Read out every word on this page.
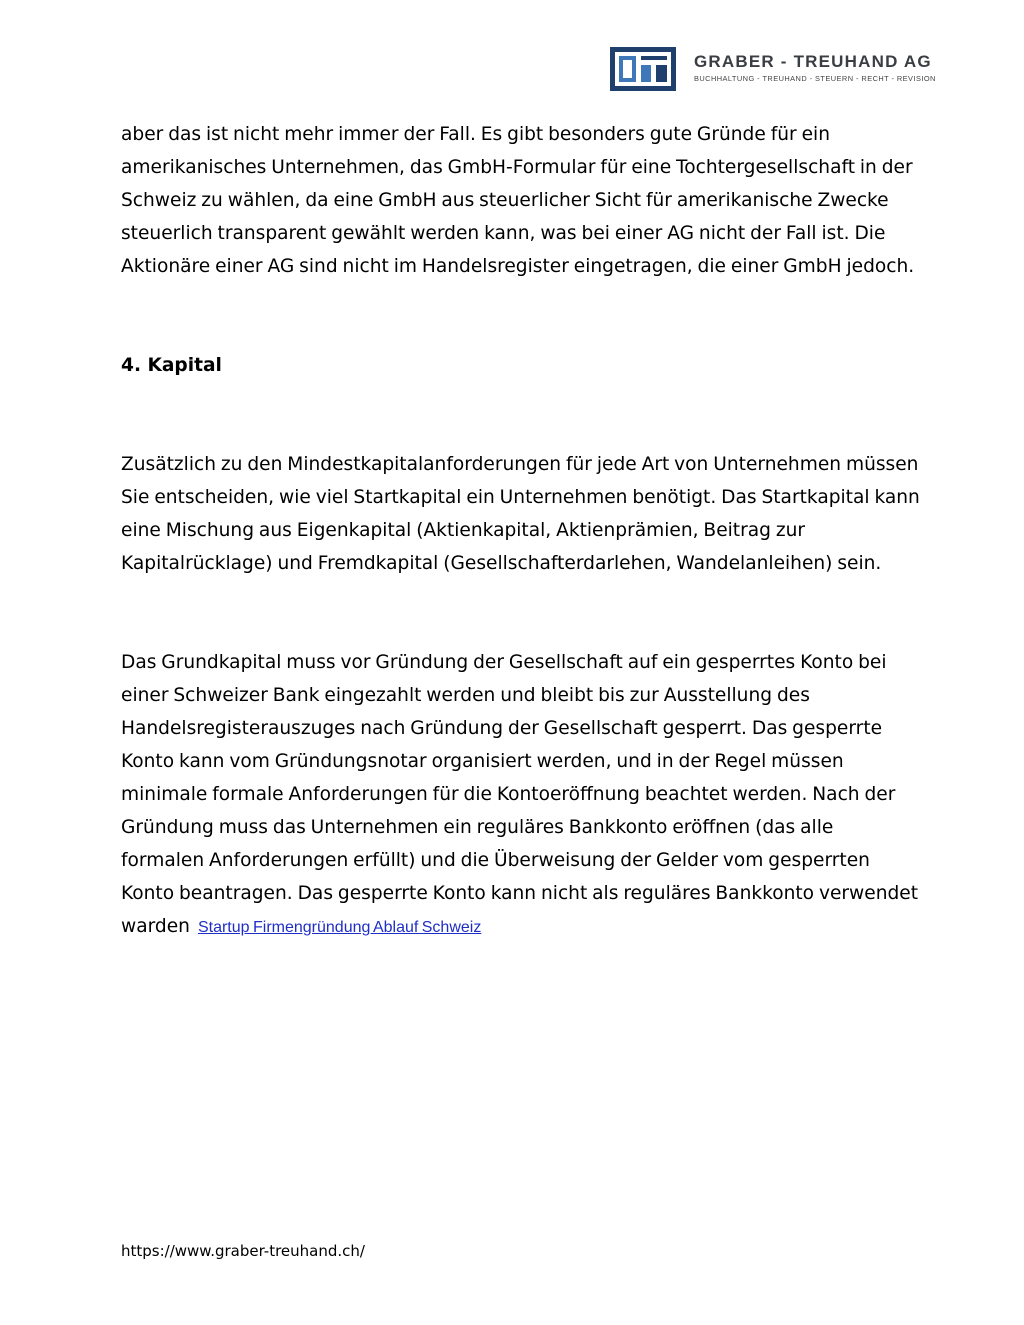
GRABER - TREUHAND AG
BUCHHALTUNG - TREUHAND - STEUERN - RECHT - REVISION

aber das ist nicht mehr immer der Fall. Es gibt besonders gute Gründe für ein amerikanisches Unternehmen, das GmbH-Formular für eine Tochtergesellschaft in der Schweiz zu wählen, da eine GmbH aus steuerlicher Sicht für amerikanische Zwecke steuerlich transparent gewählt werden kann, was bei einer AG nicht der Fall ist. Die Aktionäre einer AG sind nicht im Handelsregister eingetragen, die einer GmbH jedoch.

4. Kapital

Zusätzlich zu den Mindestkapitalanforderungen für jede Art von Unternehmen müssen Sie entscheiden, wie viel Startkapital ein Unternehmen benötigt. Das Startkapital kann eine Mischung aus Eigenkapital (Aktienkapital, Aktienprämien, Beitrag zur Kapitalrücklage) und Fremdkapital (Gesellschafterdarlehen, Wandelanleihen) sein.

Das Grundkapital muss vor Gründung der Gesellschaft auf ein gesperrtes Konto bei einer Schweizer Bank eingezahlt werden und bleibt bis zur Ausstellung des Handelsregisterauszuges nach Gründung der Gesellschaft gesperrt. Das gesperrte Konto kann vom Gründungsnotar organisiert werden, und in der Regel müssen minimale formale Anforderungen für die Kontoeröffnung beachtet werden. Nach der Gründung muss das Unternehmen ein reguläres Bankkonto eröffnen (das alle formalen Anforderungen erfüllt) und die Überweisung der Gelder vom gesperrten Konto beantragen. Das gesperrte Konto kann nicht als reguläres Bankkonto verwendet warden Startup Firmengründung Ablauf Schweiz

https://www.graber-treuhand.ch/
